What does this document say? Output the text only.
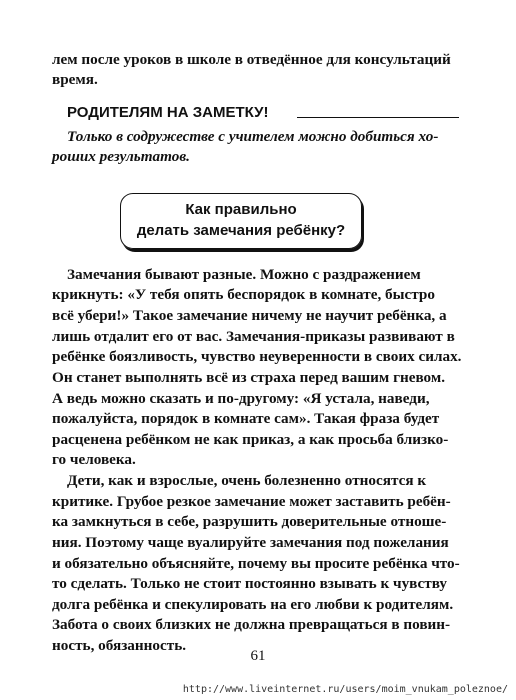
лем после уроков в школе в отведённое для консультаций
время.
РОДИТЕЛЯМ НА ЗАМЕТКУ!
Только в содружестве с учителем можно добиться хо-
роших результатов.
Как правильно
делать замечания ребёнку?
Замечания бывают разные. Можно с раздражением
крикнуть: «У тебя опять беспорядок в комнате, быстро
всё убери!» Такое замечание ничему не научит ребёнка, а
лишь отдалит его от вас. Замечания-приказы развивают в
ребёнке боязливость, чувство неуверенности в своих силах.
Он станет выполнять всё из страха перед вашим гневом.
А ведь можно сказать и по-другому: «Я устала, наведи,
пожалуйста, порядок в комнате сам». Такая фраза будет
расценена ребёнком не как приказ, а как просьба близко-
го человека.
Дети, как и взрослые, очень болезненно относятся к
критике. Грубое резкое замечание может заставить ребён-
ка замкнуться в себе, разрушить доверительные отноше-
ния. Поэтому чаще вуалируйте замечания под пожелания
и обязательно объясняйте, почему вы просите ребёнка что-
то сделать. Только не стоит постоянно взывать к чувству
долга ребёнка и спекулировать на его любви к родителям.
Забота о своих близких не должна превращаться в повин-
ность, обязанность.
61
http://www.liveinternet.ru/users/moim_vnukam_poleznoe/
